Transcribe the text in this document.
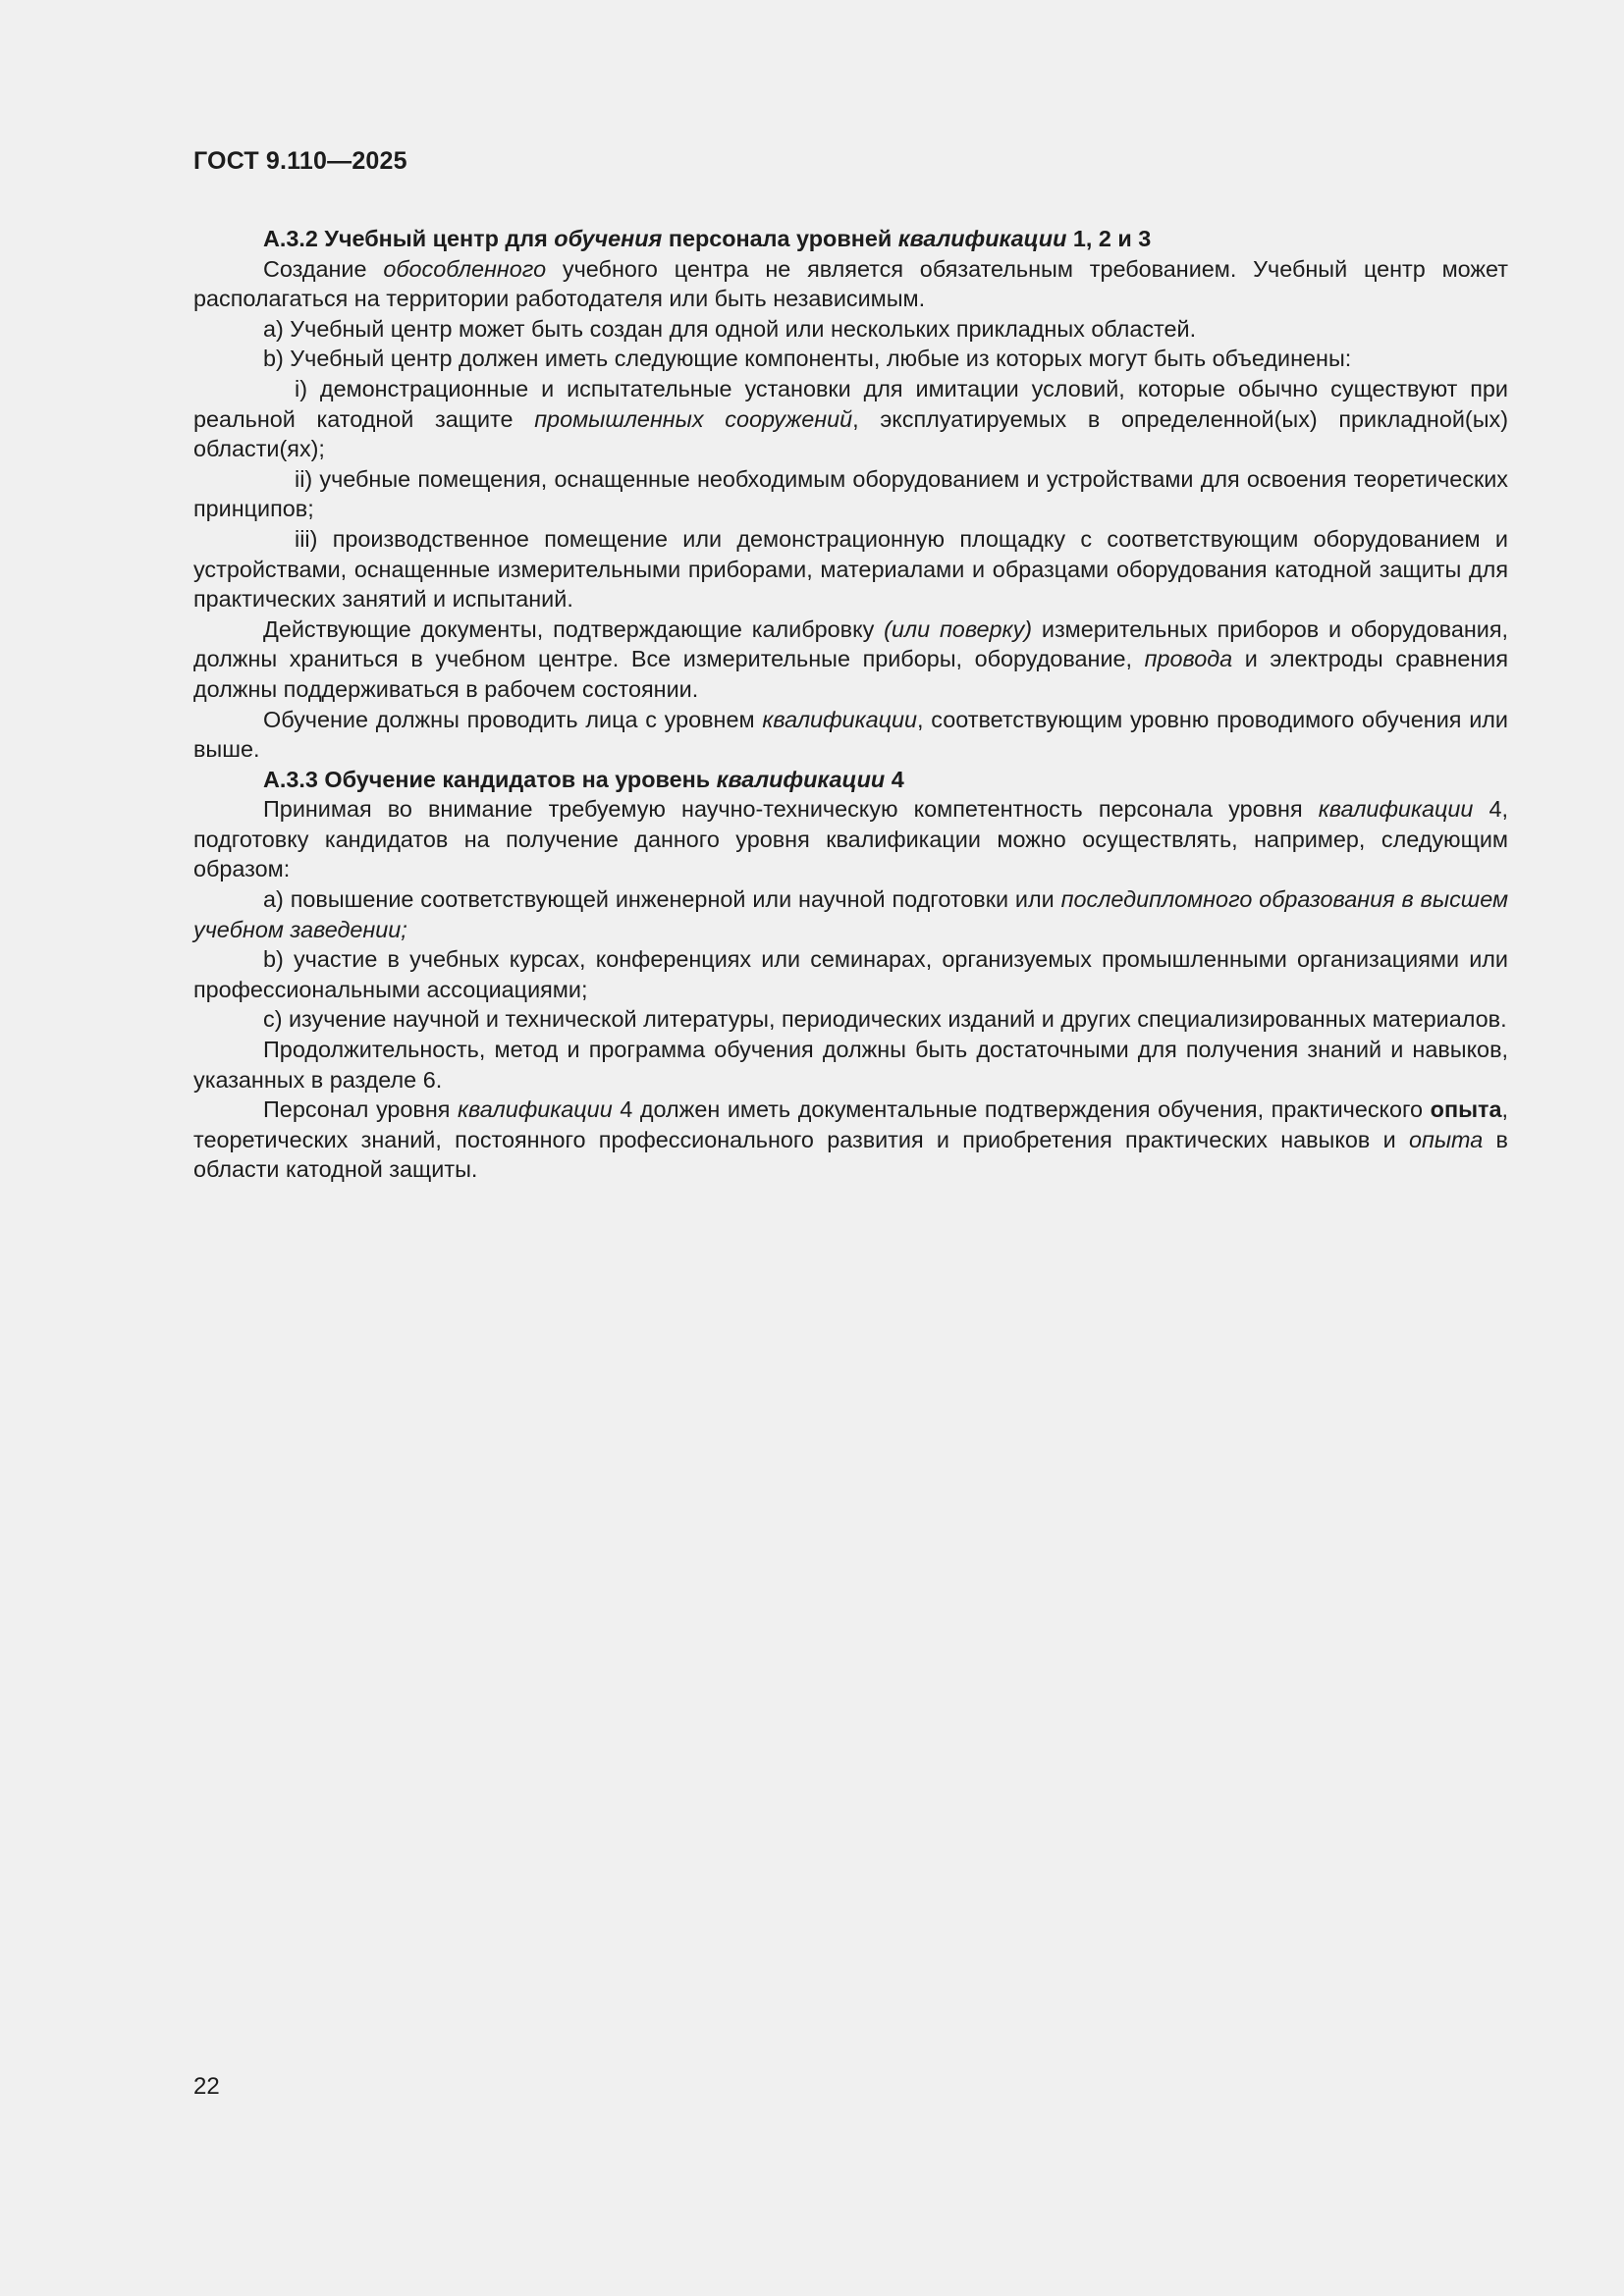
ГОСТ 9.110—2025

А.3.2 Учебный центр для обучения персонала уровней квалификации 1, 2 и 3

Создание обособленного учебного центра не является обязательным требованием. Учебный центр может располагаться на территории работодателя или быть независимым.

a) Учебный центр может быть создан для одной или нескольких прикладных областей.

b) Учебный центр должен иметь следующие компоненты, любые из которых могут быть объединены:

i) демонстрационные и испытательные установки для имитации условий, которые обычно существуют при реальной катодной защите промышленных сооружений, эксплуатируемых в определенной(ых) прикладной(ых) области(ях);

ii) учебные помещения, оснащенные необходимым оборудованием и устройствами для освоения теоретических принципов;

iii) производственное помещение или демонстрационную площадку с соответствующим оборудованием и устройствами, оснащенные измерительными приборами, материалами и образцами оборудования катодной защиты для практических занятий и испытаний.

Действующие документы, подтверждающие калибровку (или поверку) измерительных приборов и оборудования, должны храниться в учебном центре. Все измерительные приборы, оборудование, провода и электроды сравнения должны поддерживаться в рабочем состоянии.

Обучение должны проводить лица с уровнем квалификации, соответствующим уровню проводимого обучения или выше.

А.3.3 Обучение кандидатов на уровень квалификации 4

Принимая во внимание требуемую научно-техническую компетентность персонала уровня квалификации 4, подготовку кандидатов на получение данного уровня квалификации можно осуществлять, например, следующим образом:

a) повышение соответствующей инженерной или научной подготовки или последипломного образования в высшем учебном заведении;

b) участие в учебных курсах, конференциях или семинарах, организуемых промышленными организациями или профессиональными ассоциациями;

c) изучение научной и технической литературы, периодических изданий и других специализированных материалов.

Продолжительность, метод и программа обучения должны быть достаточными для получения знаний и навыков, указанных в разделе 6.

Персонал уровня квалификации 4 должен иметь документальные подтверждения обучения, практического опыта, теоретических знаний, постоянного профессионального развития и приобретения практических навыков и опыта в области катодной защиты.

22
